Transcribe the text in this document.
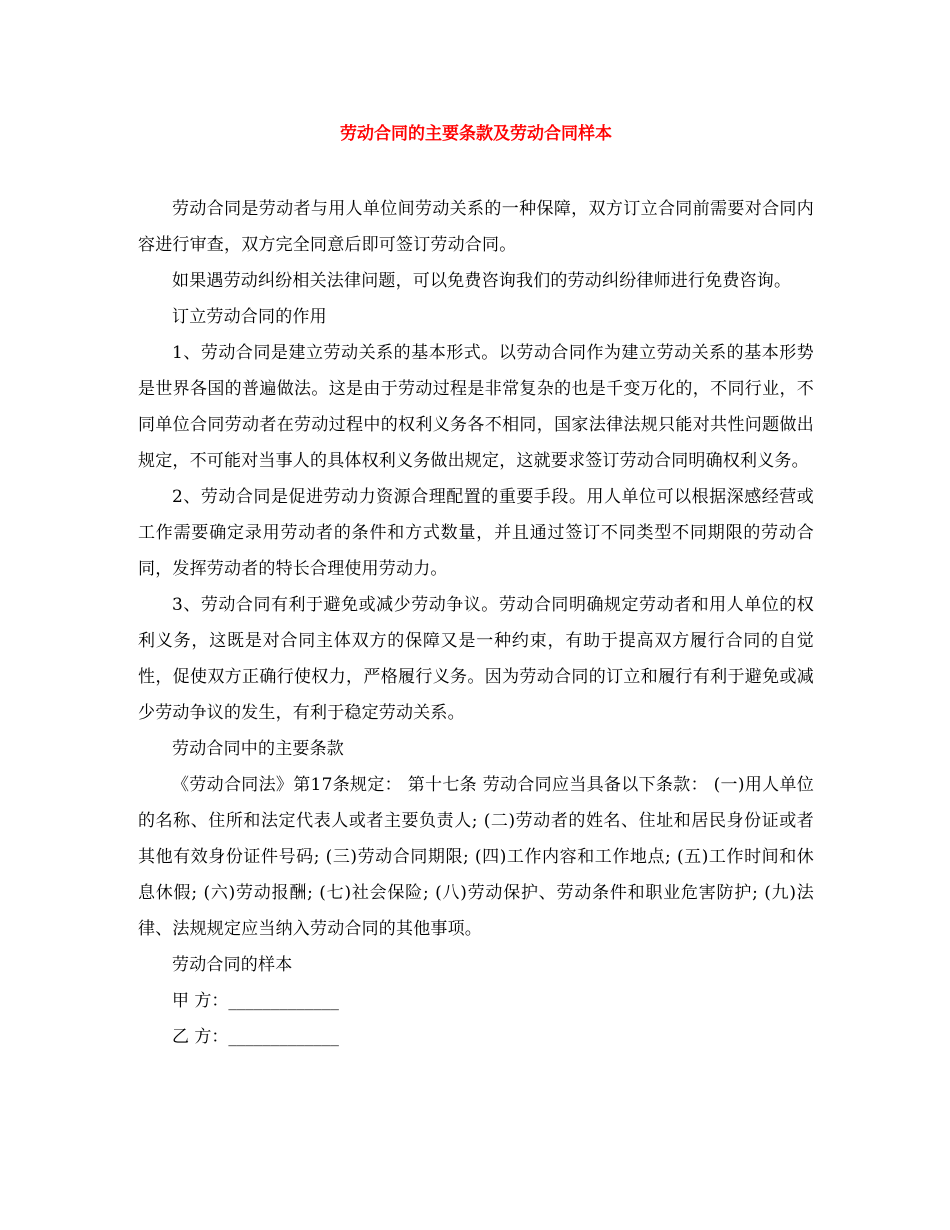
劳动合同的主要条款及劳动合同样本

劳动合同是劳动者与用人单位间劳动关系的一种保障，双方订立合同前需要对合同内容进行审查，双方完全同意后即可签订劳动合同。

如果遇劳动纠纷相关法律问题，可以免费咨询我们的劳动纠纷律师进行免费咨询。

订立劳动合同的作用

1、劳动合同是建立劳动关系的基本形式。以劳动合同作为建立劳动关系的基本形势是世界各国的普遍做法。这是由于劳动过程是非常复杂的也是千变万化的，不同行业，不同单位合同劳动者在劳动过程中的权利义务各不相同，国家法律法规只能对共性问题做出规定，不可能对当事人的具体权利义务做出规定，这就要求签订劳动合同明确权利义务。

2、劳动合同是促进劳动力资源合理配置的重要手段。用人单位可以根据深感经营或工作需要确定录用劳动者的条件和方式数量，并且通过签订不同类型不同期限的劳动合同，发挥劳动者的特长合理使用劳动力。

3、劳动合同有利于避免或减少劳动争议。劳动合同明确规定劳动者和用人单位的权利义务，这既是对合同主体双方的保障又是一种约束，有助于提高双方履行合同的自觉性，促使双方正确行使权力，严格履行义务。因为劳动合同的订立和履行有利于避免或减少劳动争议的发生，有利于稳定劳动关系。

劳动合同中的主要条款

《劳动合同法》第17条规定： 第十七条 劳动合同应当具备以下条款： (一)用人单位的名称、住所和法定代表人或者主要负责人; (二)劳动者的姓名、住址和居民身份证或者其他有效身份证件号码; (三)劳动合同期限; (四)工作内容和工作地点; (五)工作时间和休息休假; (六)劳动报酬; (七)社会保险; (八)劳动保护、劳动条件和职业危害防护; (九)法律、法规规定应当纳入劳动合同的其他事项。

劳动合同的样本

甲 方：_____________

乙 方：_____________
